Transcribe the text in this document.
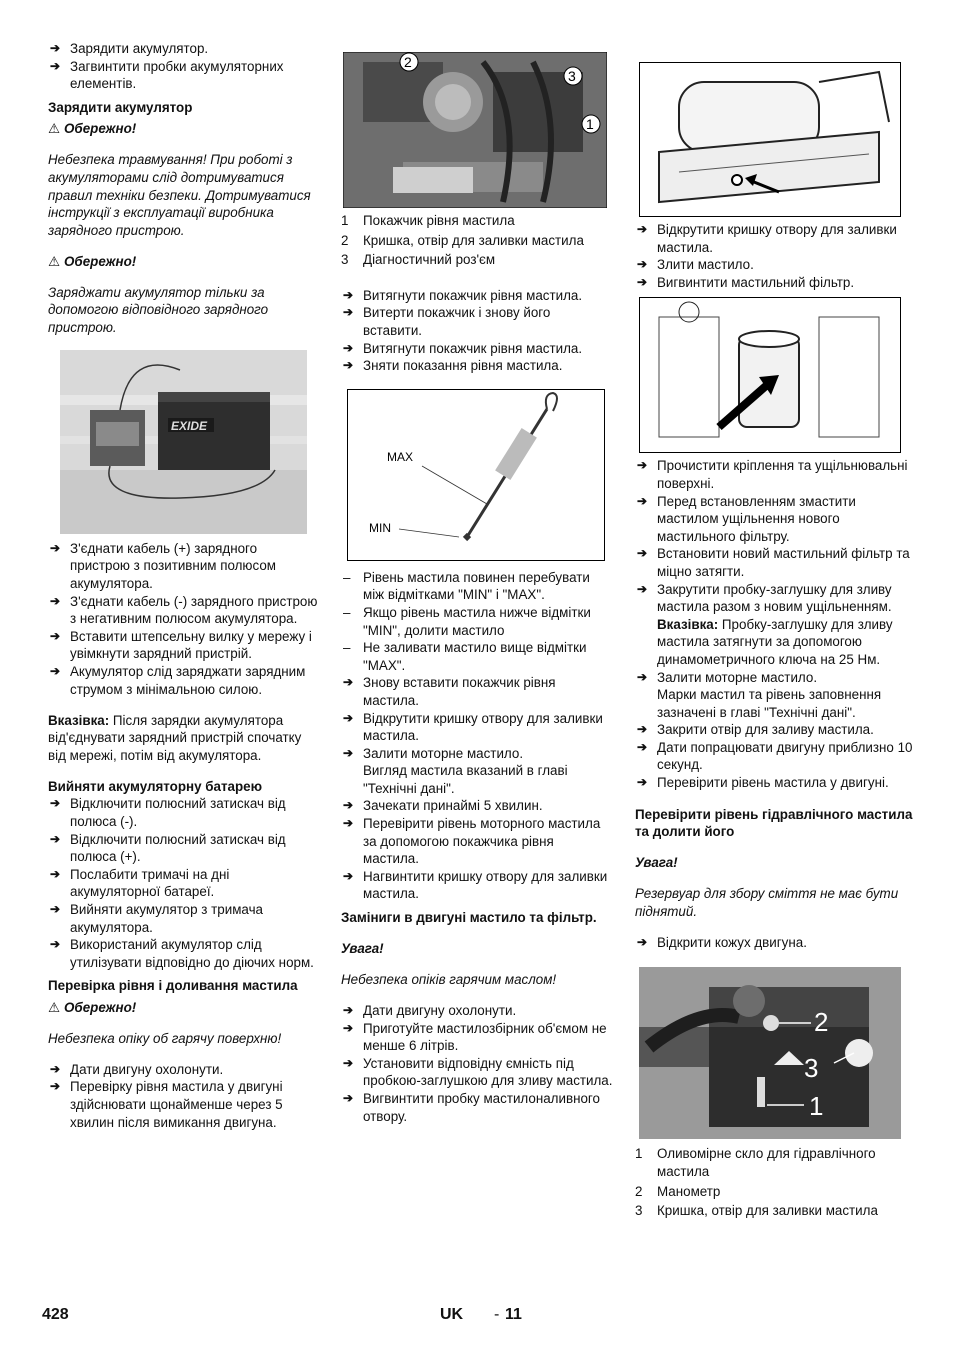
➔ Зарядити акумулятор.

➔ Загвинтити пробки акумуляторних елементів.

Зарядити акумулятор

⚠ Обережно!

Небезпека травмування! При роботі з акумуляторами слід дотримуватися правил техніки безпеки. Дотримуватися інструкції з експлуатації виробника зарядного пристрою.

⚠ Обережно!

Заряджати акумулятор тільки за допомогою відповідного зарядного пристрою.

EXIDE

➔ З'єднати кабель (+) зарядного пристрою з позитивним полюсом акумулятора.

➔ З'єднати кабель (-) зарядного пристрою з негативним полюсом акумулятора.

➔ Вставити штепсельну вилку у мережу і увімкнути зарядний пристрій.

➔ Акумулятор слід заряджати зарядним струмом з мінімальною силою.

Вказівка: Після зарядки акумулятора від'єднувати зарядний пристрій спочатку від мережі, потім від акумулятора.

Вийняти акумуляторну батарею

➔ Відключити полюсний затискач від полюса (-).

➔ Відключити полюсний затискач від полюса (+).

➔ Послабити тримачі на дні акумуляторної батареї.

➔ Вийняти акумулятор з тримача акумулятора.

➔ Використаний акумулятор слід утилізувати відповідно до діючих норм.

Перевірка рівня і доливання мастила

⚠ Обережно!

Небезпека опіку об гарячу поверхню!

➔ Дати двигуну охолонути.

➔ Перевірку рівня мастила у двигуні здійснювати щонайменше через 5 хвилин після вимикання двигуна.

2
3
1

1 Покажчик рівня мастила

2 Кришка, отвір для заливки мастила

3 Діагностичний роз'єм

➔ Витягнути покажчик рівня мастила.

➔ Витерти покажчик і знову його вставити.

➔ Витягнути покажчик рівня мастила.

➔ Зняти показання рівня мастила.

MAX
MIN

– Рівень мастила повинен перебувати між відмітками "MIN" і "MAX".

– Якщо рівень мастила нижче відмітки "MIN", долити мастило

– Не заливати мастило вище відмітки "MAX".

➔ Знову вставити покажчик рівня мастила.

➔ Відкрутити кришку отвору для заливки мастила.

➔ Залити моторне мастило.

Вигляд мастила вказаний в главі "Технічні дані".

➔ Зачекати принаймі 5 хвилин.

➔ Перевірити рівень моторного мастила за допомогою покажчика рівня мастила.

➔ Нагвинтити кришку отвору для заливки мастила.

Заміниги в двигуні мастило та фільтр.

Увага!

Небезпека опіків гарячим маслом!

➔ Дати двигуну охолонути.

➔ Приготуйте мастилозбірник об'ємом не менше 6 літрів.

➔ Установити відповідну ємність під пробкою-заглушкою для зливу мастила.

➔ Вигвинтити пробку мастилоналивного отвору.

➔ Відкрутити кришку отвору для заливки мастила.

➔ Злити мастило.

➔ Вигвинтити мастильний фільтр.

➔ Прочистити кріплення та ущільнювальні поверхні.

➔ Перед встановленням змастити мастилом ущільнення нового мастильного фільтру.

➔ Встановити новий мастильний фільтр та міцно затягти.

➔ Закрутити пробку-заглушку для зливу мастила разом з новим ущільненням.

Вказівка: Пробку-заглушку для зливу мастила затягнути за допомогою динамометричного ключа на 25 Нм.

➔ Залити моторне мастило.

Марки мастил та рівень заповнення зазначені в главі "Технічні дані".

➔ Закрити отвір для заливу мастила.

➔ Дати попрацювати двигуну приблизно 10 секунд.

➔ Перевірити рівень мастила у двигуні.

Перевірити рівень гідравлічного мастила та долити його

Увага!

Резервуар для збору сміття не має бути піднятий.

➔ Відкрити кожух двигуна.

2
3
1

1 Оливомірне скло для гідравлічного мастила

2 Манометр

3 Кришка, отвір для заливки мастила

428	UK - 11
